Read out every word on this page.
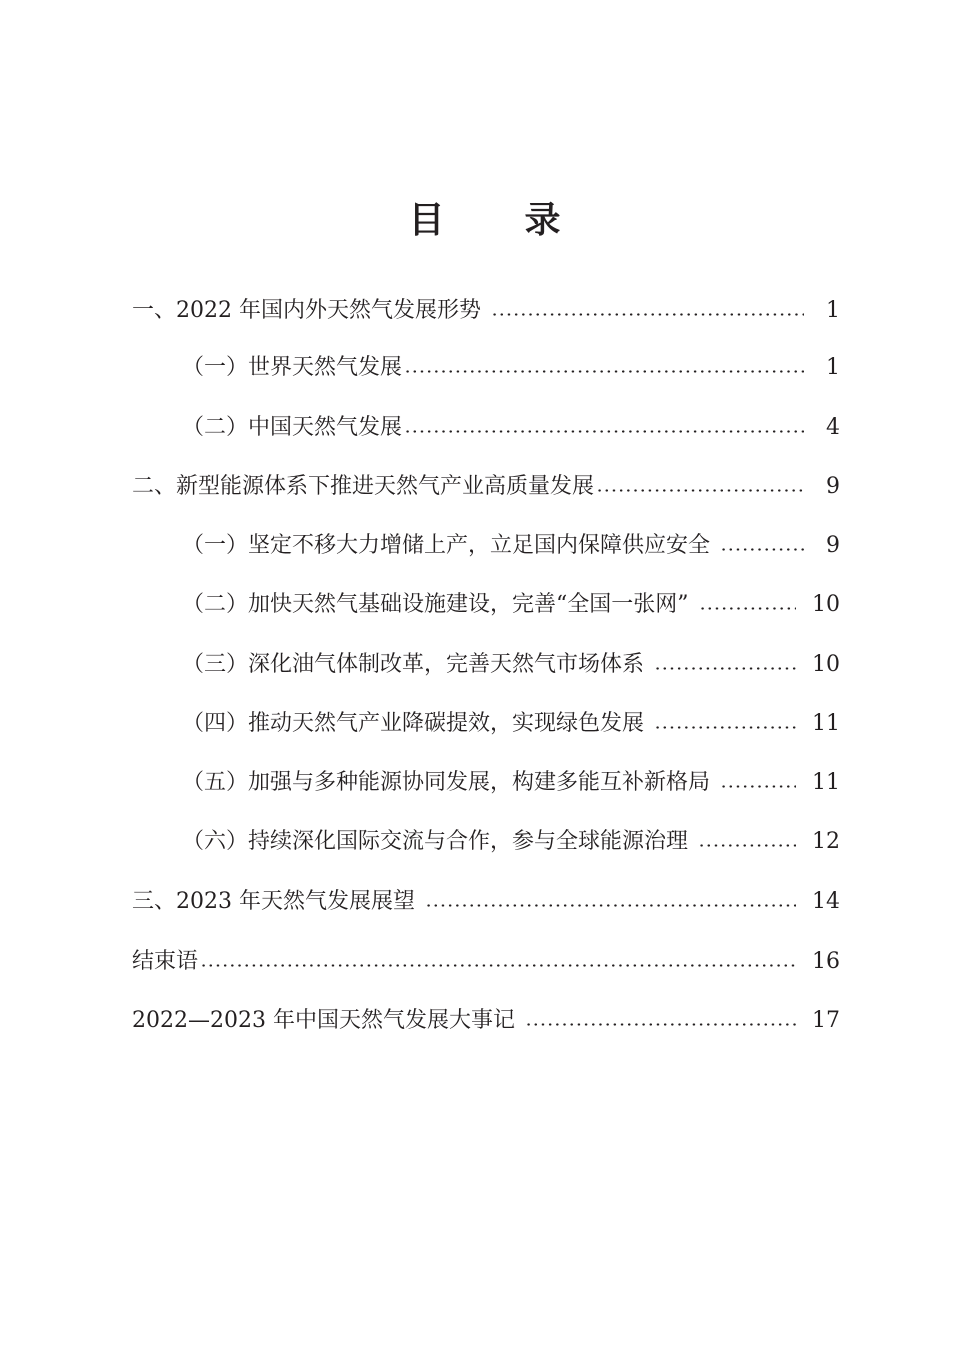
目 录
一、2022 年国内外天然气发展形势	1
（一）世界天然气发展	1
（二）中国天然气发展	4
二、新型能源体系下推进天然气产业高质量发展	9
（一）坚定不移大力增储上产，立足国内保障供应安全	9
（二）加快天然气基础设施建设，完善“全国一张网”	10
（三）深化油气体制改革，完善天然气市场体系	10
（四）推动天然气产业降碳提效，实现绿色发展	11
（五）加强与多种能源协同发展，构建多能互补新格局	11
（六）持续深化国际交流与合作，参与全球能源治理	12
三、2023 年天然气发展展望	14
结束语	16
2022—2023 年中国天然气发展大事记	17
